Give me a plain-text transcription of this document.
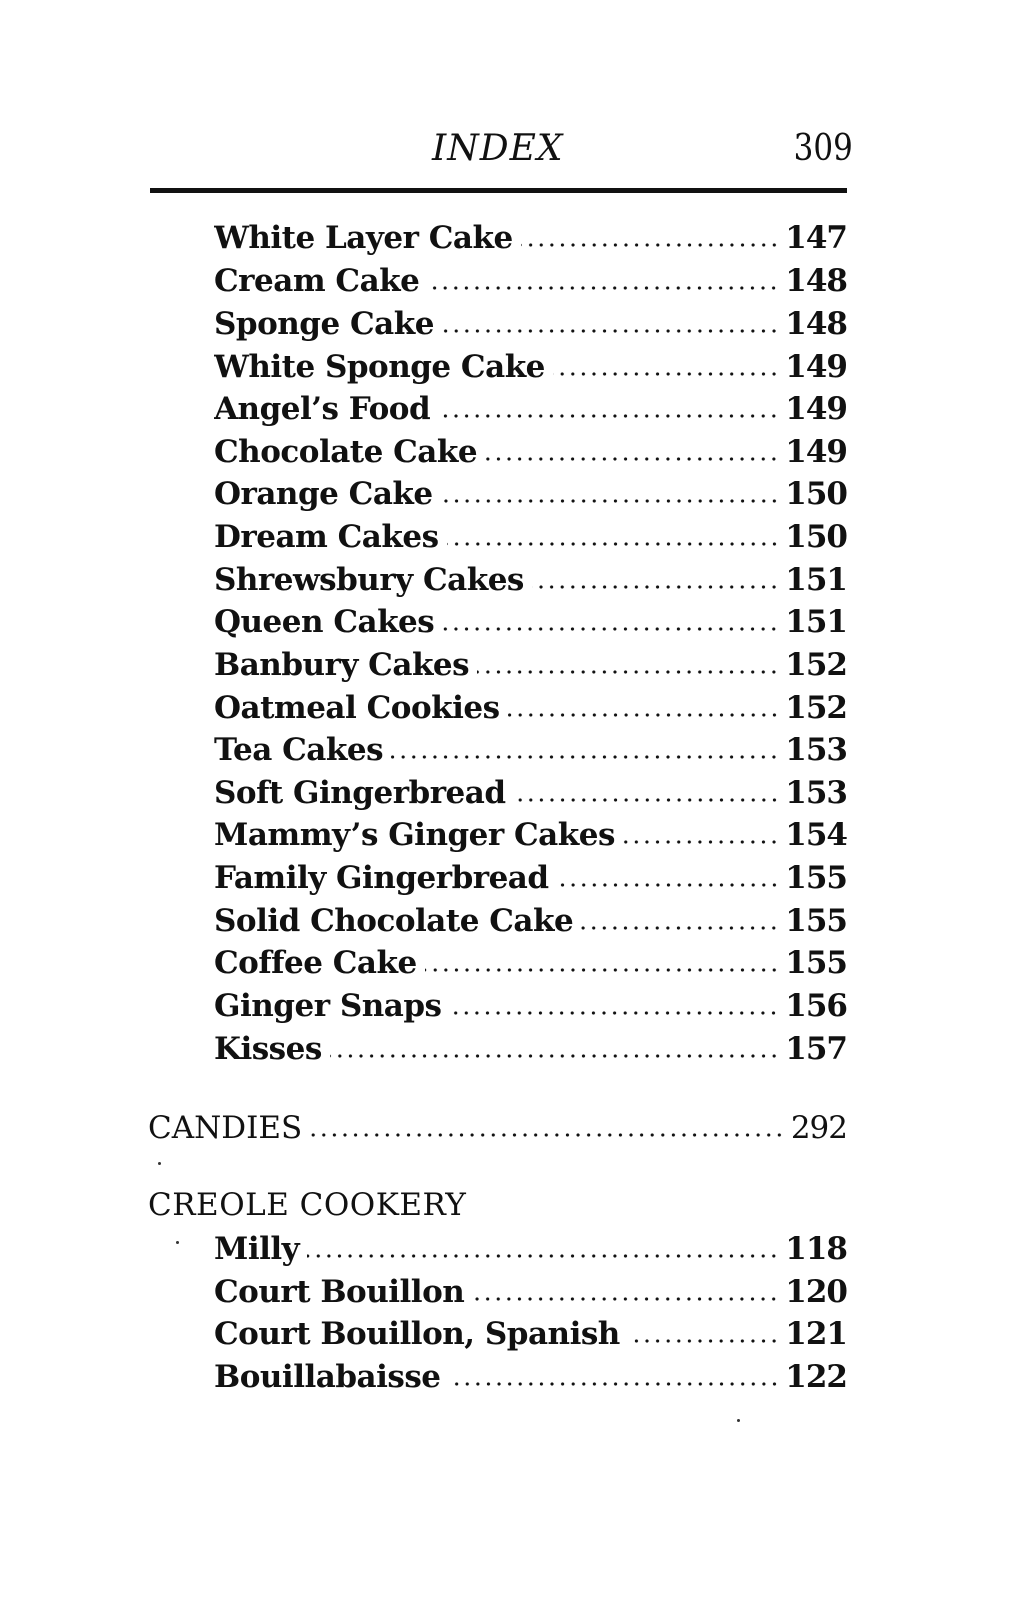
INDEX	309
White Layer Cake	147
Cream Cake	148
Sponge Cake	148
White Sponge Cake	149
Angel’s Food	149
Chocolate Cake	149
Orange Cake	150
Dream Cakes	150
Shrewsbury Cakes	151
Queen Cakes	151
Banbury Cakes	152
Oatmeal Cookies	152
Tea Cakes	153
Soft Gingerbread	153
Mammy’s Ginger Cakes	154
Family Gingerbread	155
Solid Chocolate Cake	155
Coffee Cake	155
Ginger Snaps	156
Kisses	157
CANDIES	292
CREOLE COOKERY
Milly	118
Court Bouillon	120
Court Bouillon, Spanish	121
Bouillabaisse	122
